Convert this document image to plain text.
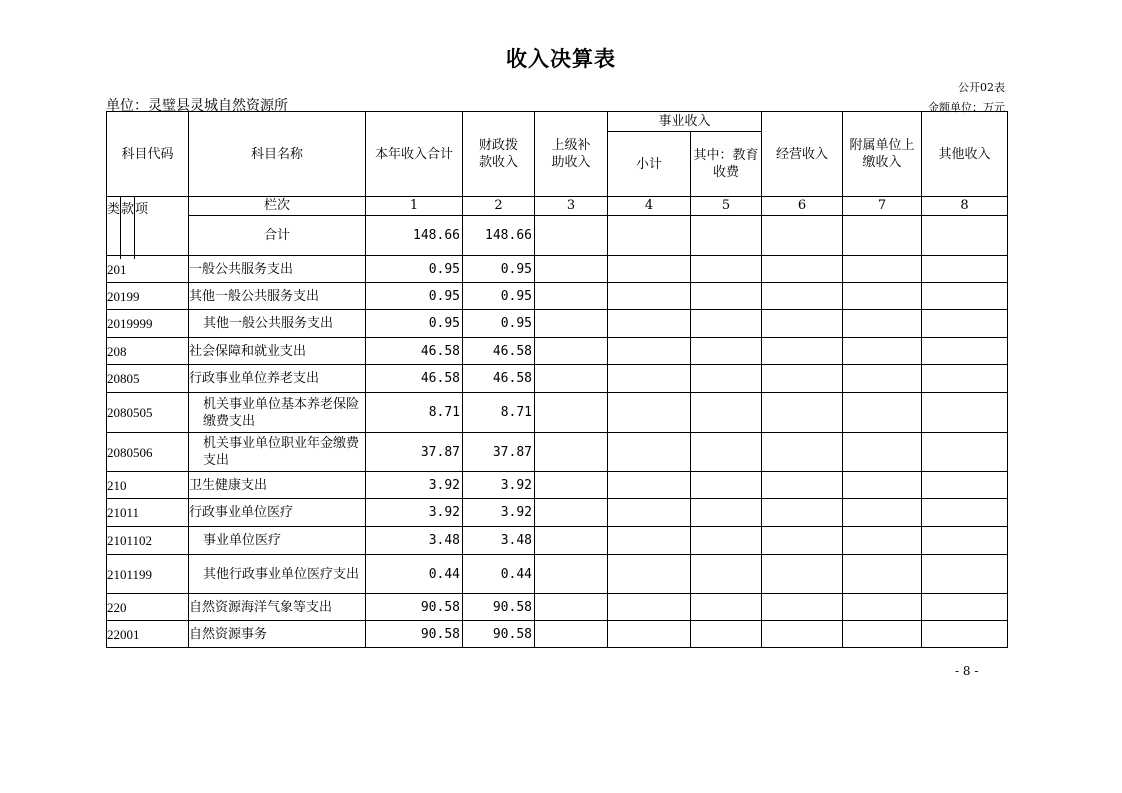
收入决算表
公开02表
单位：灵璧县灵城自然资源所	金额单位：万元
科目代码	科目名称	本年收入合计	财政拨款收入	上级补助收入	事业收入		经营收入	附属单位上缴收入	其他收入	
					小计	其中：教育收费				

类 款 项	栏次	1	2	3	4	5	6	7	8	
	合计	148.66	148.66							
201	一般公共服务支出	0.95	0.95							
20199	其他一般公共服务支出	0.95	0.95							
2019999	其他一般公共服务支出	0.95	0.95							
208	社会保障和就业支出	46.58	46.58							
20805	行政事业单位养老支出	46.58	46.58							
2080505	机关事业单位基本养老保险缴费支出	8.71	8.71							
2080506	机关事业单位职业年金缴费支出	37.87	37.87							
210	卫生健康支出	3.92	3.92							
21011	行政事业单位医疗	3.92	3.92							
2101102	事业单位医疗	3.48	3.48							
2101199	其他行政事业单位医疗支出	0.44	0.44							
220	自然资源海洋气象等支出	90.58	90.58							
22001	自然资源事务	90.58	90.58							
- 8 -
